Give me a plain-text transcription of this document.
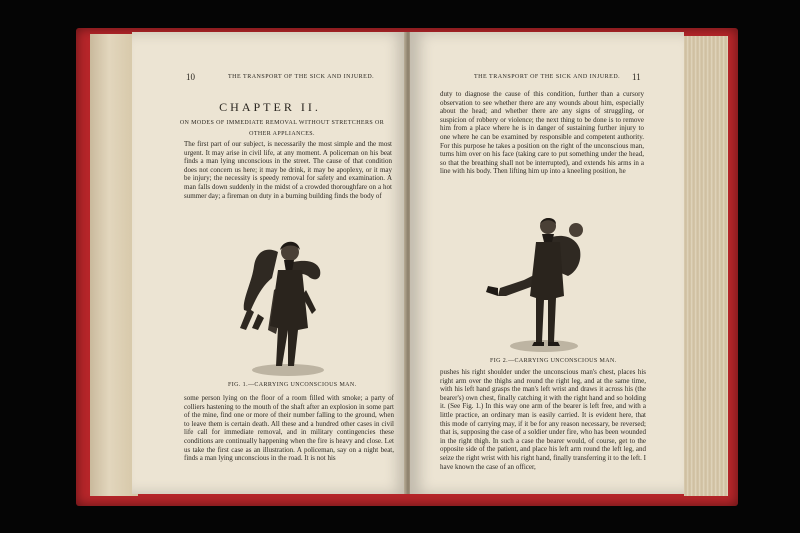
10	THE TRANSPORT OF THE SICK AND INJURED.
CHAPTER II.
ON MODES OF IMMEDIATE REMOVAL WITHOUT STRETCHERS OR OTHER APPLIANCES.

The first part of our subject, is necessarily the most simple and the most urgent. It may arise in civil life, at any moment. A policeman on his beat finds a man lying unconscious in the street. The cause of that condition does not concern us here; it may be drink, it may be apoplexy, or it may be injury; the necessity is speedy removal for safety and examination. A man falls down suddenly in the midst of a crowded thoroughfare on a hot summer day; a fireman on duty in a burning building finds the body of

FIG. 1.—CARRYING UNCONSCIOUS MAN.

some person lying on the floor of a room filled with smoke; a party of colliers hastening to the mouth of the shaft after an explosion in some part of the mine, find one or more of their number falling to the ground, when to leave them is certain death. All these and a hundred other cases in civil life call for immediate removal, and in military contingencies these conditions are continually happening when the fire is heavy and close. Let us take the first case as an illustration. A policeman, say on a night beat, finds a man lying unconscious in the road. It is not his

THE TRANSPORT OF THE SICK AND INJURED. 11

duty to diagnose the cause of this condition, further than a cursory observation to see whether there are any wounds about him, especially about the head; and whether there are any signs of struggling, or suspicion of robbery or violence; the next thing to be done is to remove him from a place where he is in danger of sustaining further injury to one where he can be examined by responsible and competent authority. For this purpose he takes a position on the right of the unconscious man, turns him over on his face (taking care to put something under the head, so that the breathing shall not be interrupted), and extends his arms in a line with his body. Then lifting him up into a kneeling position, he

FIG 2.—CARRYING UNCONSCIOUS MAN.

pushes his right shoulder under the unconscious man's chest, places his right arm over the thighs and round the right leg, and at the same time, with his left hand grasps the man's left wrist and draws it across his (the bearer's) own chest, finally catching it with the right hand and so holding it. (See Fig. 1.) In this way one arm of the bearer is left free, and with a little practice, an ordinary man is easily carried. It is evident here, that this mode of carrying may, if it be for any reason necessary, be reversed; that is, supposing the case of a soldier under fire, who has been wounded in the right thigh. In such a case the bearer would, of course, get to the opposite side of the patient, and place his left arm round the left leg, and seize the right wrist with his right hand, finally transferring it to the left. I have known the case of an officer,
